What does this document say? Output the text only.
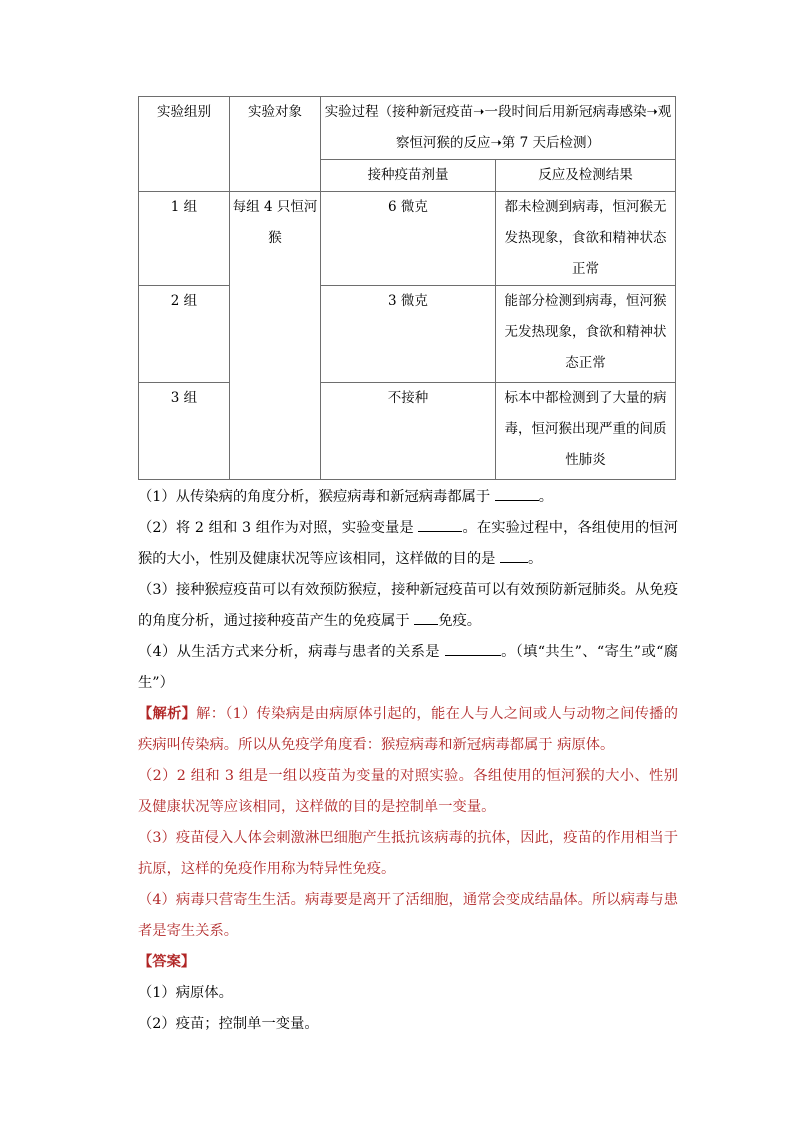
实验组别	实验对象	实验过程（接种新冠疫苗➝一段时间后用新冠病毒感染➝观察恒河猴的反应➝第 7 天后检测）	
		接种疫苗剂量	反应及检测结果
1 组	每组 4 只恒河猴	6 微克	都未检测到病毒，恒河猴无发热现象，食欲和精神状态正常
2 组		3 微克	能部分检测到病毒，恒河猴无发热现象，食欲和精神状态正常
3 组		不接种	标本中都检测到了大量的病毒，恒河猴出现严重的间质性肺炎

（1）从传染病的角度分析，猴痘病毒和新冠病毒都属于	。

（2）将 2 组和 3 组作为对照，实验变量是	。在实验过程中，各组使用的恒河猴的大小，性别及健康状况等应该相同，这样做的目的是 。

（3）接种猴痘疫苗可以有效预防猴痘，接种新冠疫苗可以有效预防新冠肺炎。从免疫的角度分析，通过接种疫苗产生的免疫属于 免疫。

（4）从生活方式来分析，病毒与患者的关系是	。（填“共生”、“寄生”或“腐生”）

【解析】解：（1）传染病是由病原体引起的，能在人与人之间或人与动物之间传播的疾病叫传染病。所以从免疫学角度看：猴痘病毒和新冠病毒都属于 病原体。

（2）2 组和 3 组是一组以疫苗为变量的对照实验。各组使用的恒河猴的大小、性别及健康状况等应该相同，这样做的目的是控制单一变量。

（3）疫苗侵入人体会刺激淋巴细胞产生抵抗该病毒的抗体，因此，疫苗的作用相当于抗原，这样的免疫作用称为特异性免疫。

（4）病毒只营寄生生活。病毒要是离开了活细胞，通常会变成结晶体。所以病毒与患者是寄生关系。

【答案】

（1）病原体。

（2）疫苗；控制单一变量。
